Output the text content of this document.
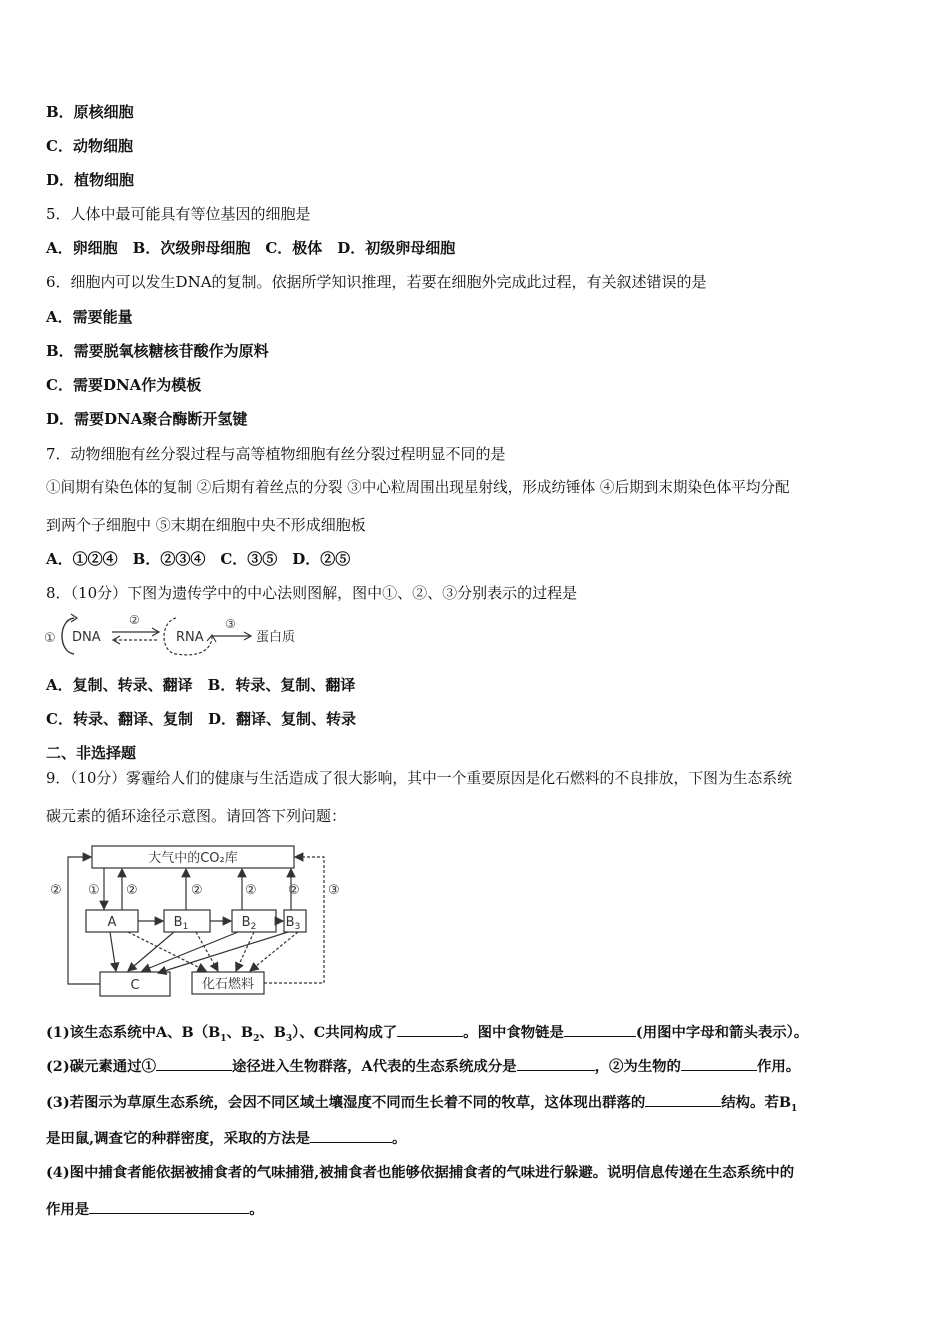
B．原核细胞
C．动物细胞
D．植物细胞
5．人体中最可能具有等位基因的细胞是
A．卵细胞　B．次级卵母细胞　C．极体　D．初级卵母细胞
6．细胞内可以发生DNA的复制。依据所学知识推理，若要在细胞外完成此过程，有关叙述错误的是
A．需要能量
B．需要脱氧核糖核苷酸作为原料
C．需要DNA作为模板
D．需要DNA聚合酶断开氢键
7．动物细胞有丝分裂过程与高等植物细胞有丝分裂过程明显不同的是
①间期有染色体的复制 ②后期有着丝点的分裂 ③中心粒周围出现星射线，形成纺锤体 ④后期到末期染色体平均分配
到两个子细胞中 ⑤末期在细胞中央不形成细胞板
A．①②④　B．②③④　C．③⑤　D．②⑤
8．（10分）下图为遗传学中的中心法则图解，图中①、②、③分别表示的过程是
① DNA
②
RNA
③
蛋白质
A．复制、转录、翻译　B．转录、复制、翻译
C．转录、翻译、复制　D．翻译、复制、转录
二、非选择题
9．（10分）雾霾给人们的健康与生活造成了很大影响，其中一个重要原因是化石燃料的不良排放，下图为生态系统
碳元素的循环途径示意图。请回答下列问题：
大气中的CO₂库
A	$B_1$	$B_2$ $B_3$
C	化石燃料
① ②	②	② ②
②	③
(1)该生态系统中A、$B(B_1$、$B_2$、$B_3$）、C共同构成了	。图中食物链是	(用图中字母和箭头表示）。
(2)碳元素通过①	途径进入生物群落，A代表的生态系统成分是	，②为生物的	作用。
(3)若图示为草原生态系统，会因不同区域土壤湿度不同而生长着不同的牧草，这体现出群落的	结构。若$B_1$
是田鼠,调查它的种群密度，采取的方法是	。
(4)图中捕食者能依据被捕食者的气味捕猎,被捕食者也能够依据捕食者的气味进行躲避。说明信息传递在生态系统中的
作用是	。
